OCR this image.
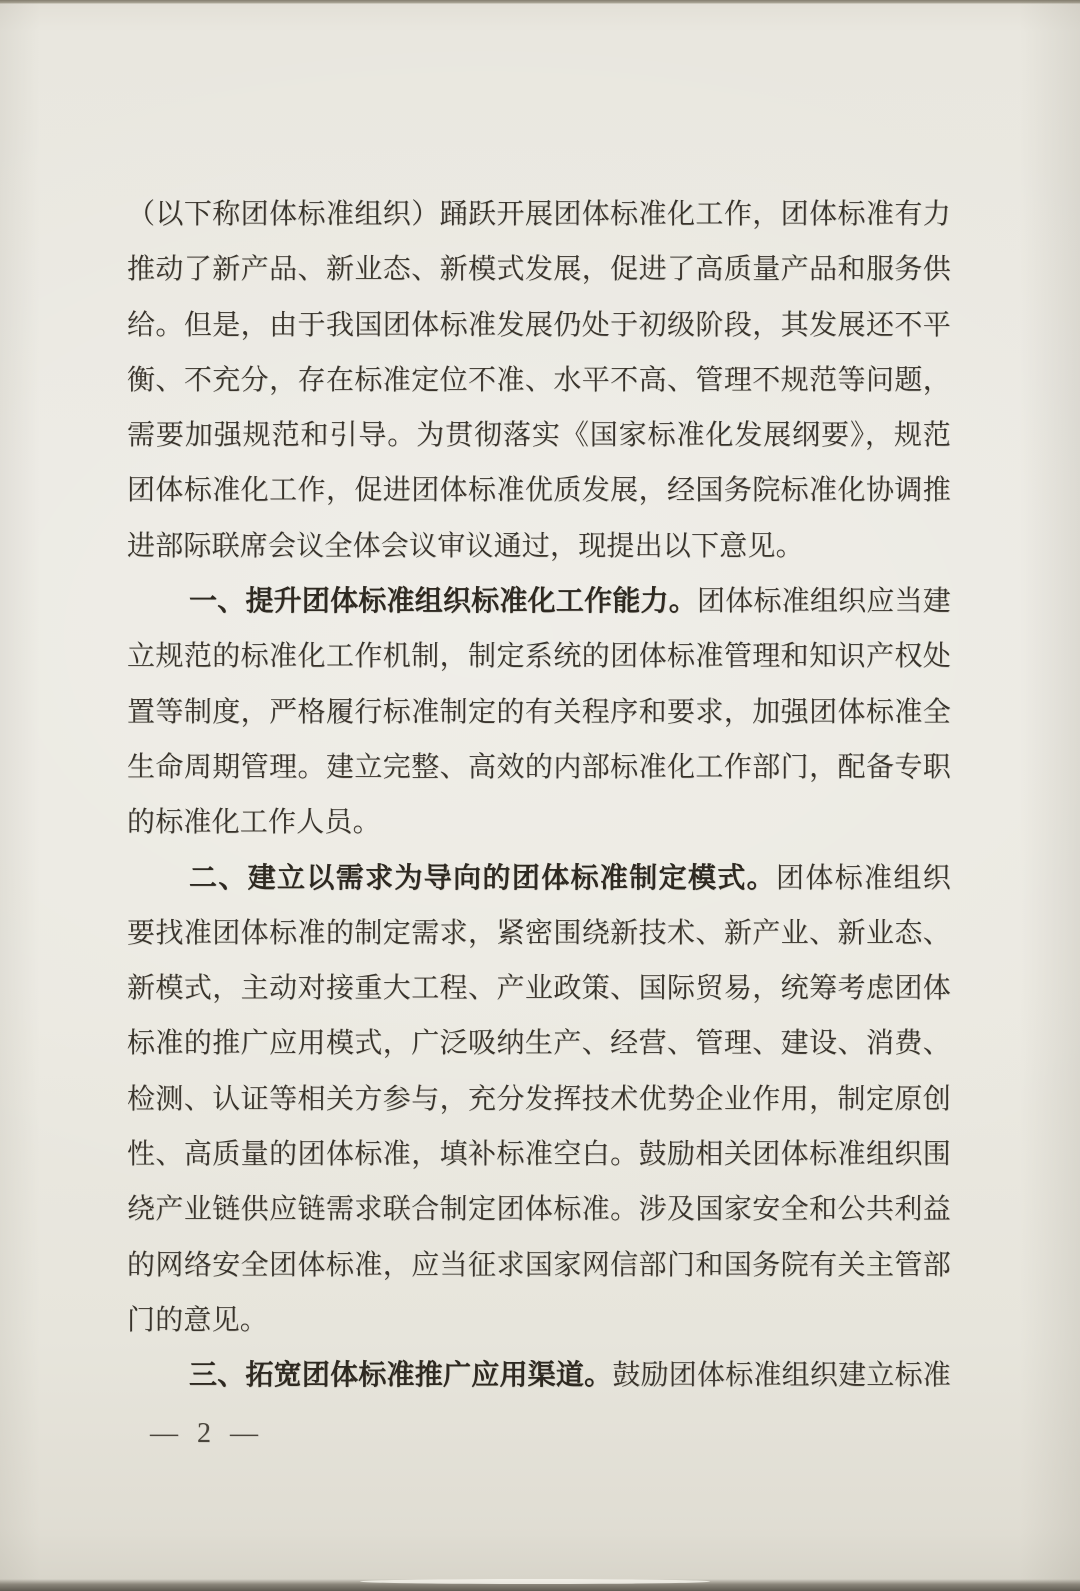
（以下称团体标准组织）踊跃开展团体标准化工作，团体标准有力
推动了新产品、新业态、新模式发展，促进了高质量产品和服务供
给。但是，由于我国团体标准发展仍处于初级阶段，其发展还不平
衡、不充分，存在标准定位不准、水平不高、管理不规范等问题，
需要加强规范和引导。为贯彻落实《国家标准化发展纲要》，规范
团体标准化工作，促进团体标准优质发展，经国务院标准化协调推
进部际联席会议全体会议审议通过，现提出以下意见。
一、提升团体标准组织标准化工作能力。团体标准组织应当建
立规范的标准化工作机制，制定系统的团体标准管理和知识产权处
置等制度，严格履行标准制定的有关程序和要求，加强团体标准全
生命周期管理。建立完整、高效的内部标准化工作部门，配备专职
的标准化工作人员。
二、建立以需求为导向的团体标准制定模式。团体标准组织
要找准团体标准的制定需求，紧密围绕新技术、新产业、新业态、
新模式，主动对接重大工程、产业政策、国际贸易，统筹考虑团体
标准的推广应用模式，广泛吸纳生产、经营、管理、建设、消费、
检测、认证等相关方参与，充分发挥技术优势企业作用，制定原创
性、高质量的团体标准，填补标准空白。鼓励相关团体标准组织围
绕产业链供应链需求联合制定团体标准。涉及国家安全和公共利益
的网络安全团体标准，应当征求国家网信部门和国务院有关主管部
门的意见。
三、拓宽团体标准推广应用渠道。鼓励团体标准组织建立标准
— 2 —
